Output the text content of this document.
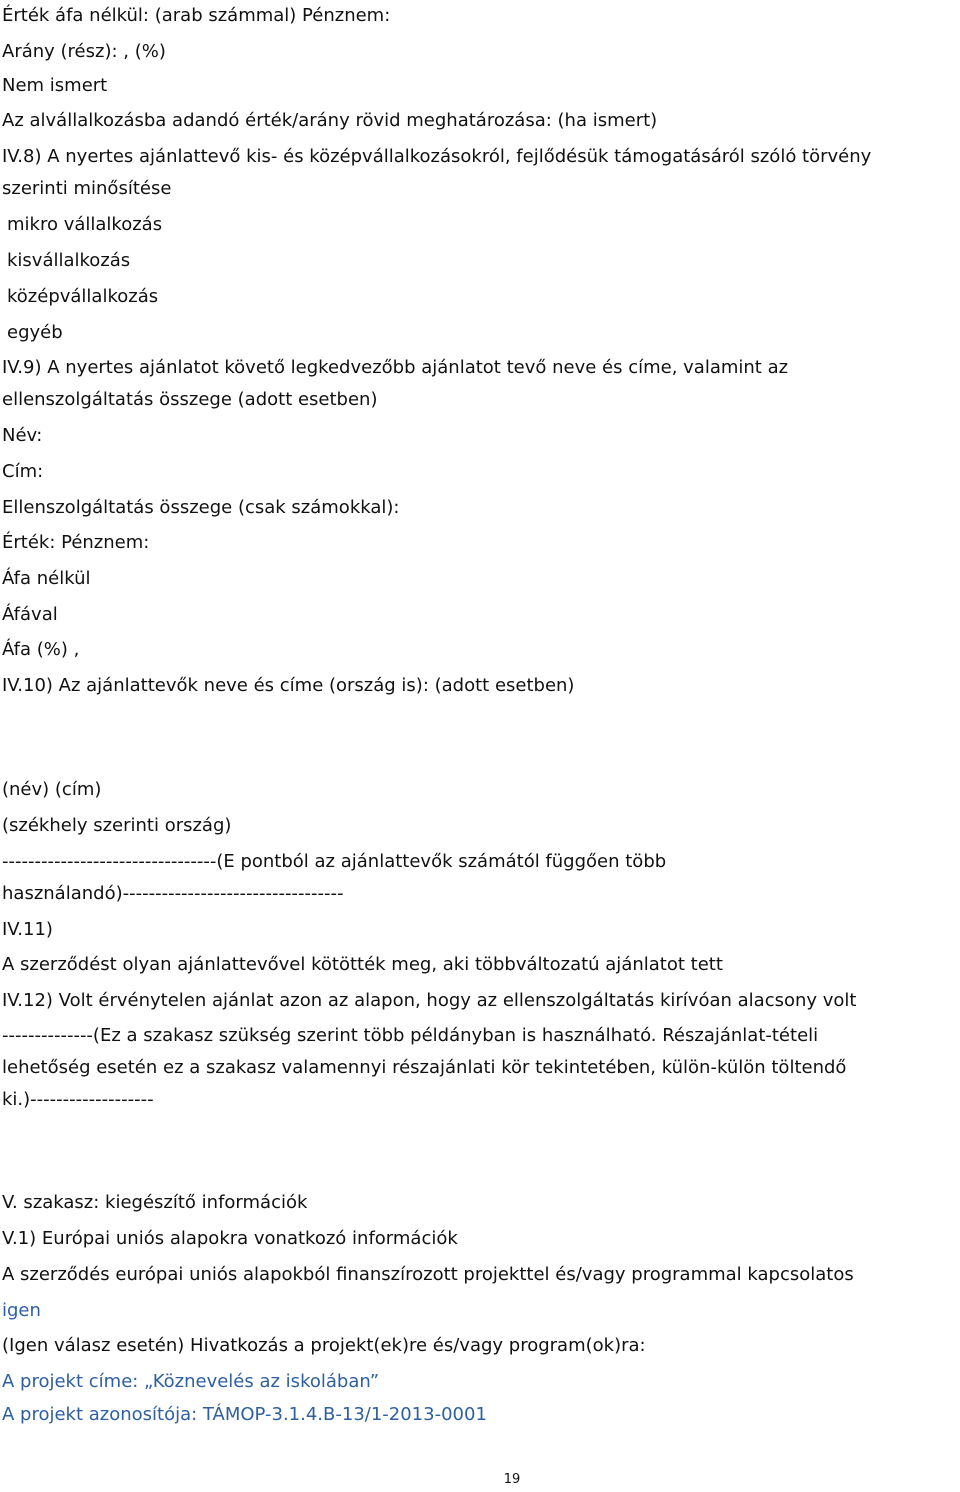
Érték áfa nélkül: (arab számmal) Pénznem:
Arány (rész): , (%)
Nem ismert
Az alvállalkozásba adandó érték/arány rövid meghatározása: (ha ismert)
IV.8) A nyertes ajánlattevő kis- és középvállalkozásokról, fejlődésük támogatásáról szóló törvény
szerinti minősítése
mikro vállalkozás
kisvállalkozás
középvállalkozás
egyéb
IV.9) A nyertes ajánlatot követő legkedvezőbb ajánlatot tevő neve és címe, valamint az
ellenszolgáltatás összege (adott esetben)
Név:
Cím:
Ellenszolgáltatás összege (csak számokkal):
Érték: Pénznem:
Áfa nélkül
Áfával
Áfa (%) ,
IV.10) Az ajánlattevők neve és címe (ország is): (adott esetben)
(név) (cím)
(székhely szerinti ország)
---------------------------------(E pontból az ajánlattevők számától függően több
használandó)----------------------------------
IV.11)
A szerződést olyan ajánlattevővel kötötték meg, aki többváltozatú ajánlatot tett
IV.12) Volt érvénytelen ajánlat azon az alapon, hogy az ellenszolgáltatás kirívóan alacsony volt
--------------(Ez a szakasz szükség szerint több példányban is használható. Részajánlat-tételi
lehetőség esetén ez a szakasz valamennyi részajánlati kör tekintetében, külön-külön töltendő
ki.)-------------------
V. szakasz: kiegészítő információk
V.1) Európai uniós alapokra vonatkozó információk
A szerződés európai uniós alapokból finanszírozott projekttel és/vagy programmal kapcsolatos
igen
(Igen válasz esetén) Hivatkozás a projekt(ek)re és/vagy program(ok)ra:
A projekt címe: „Köznevelés az iskolában”
A projekt azonosítója: TÁMOP-3.1.4.B-13/1-2013-0001
19
